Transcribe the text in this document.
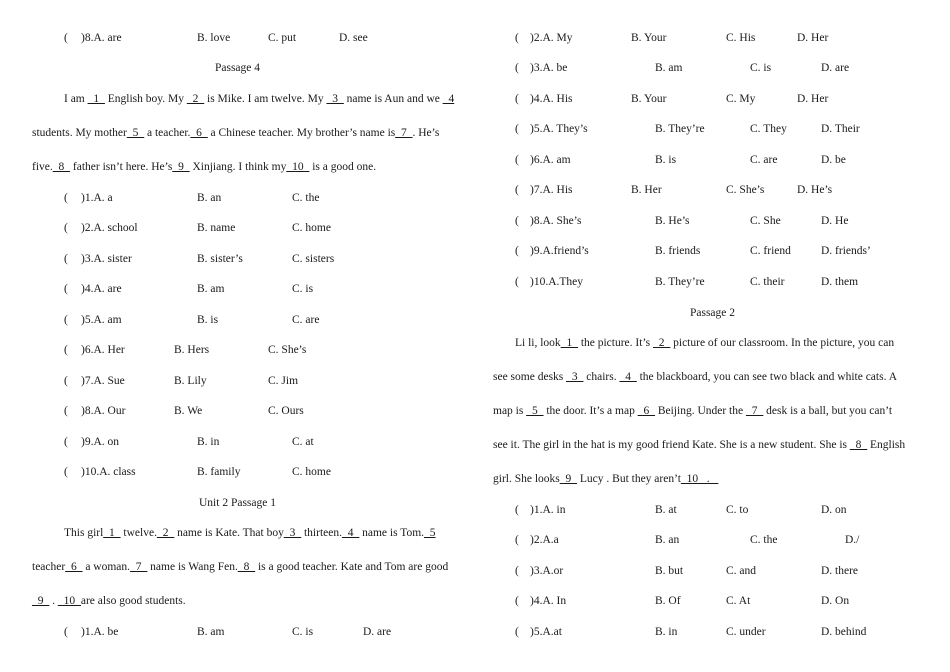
( )8.A. are	B. love	C. put	D. see
Passage 4
I am _1_ English boy. My _2_ is Mike. I am twelve. My _3_ name is Aun and we _4
students. My mother_5_ a teacher._6_ a Chinese teacher. My brother’s name is_7_. He’s
five._8_ father isn’t here. He’s_9_ Xinjiang. I think my_10_ is a good one.
( )1.A. a	B. an	C. the
( )2.A. school	B. name	C. home
( )3.A. sister	B. sister’s	C. sisters
( )4.A. are	B. am	C. is
( )5.A. am	B. is	C. are
( )6.A. Her	B. Hers	C. She’s
( )7.A. Sue	B. Lily	C. Jim
( )8.A. Our	B. We	C. Ours
( )9.A. on	B. in	C. at
( )10.A. class	B. family	C. home
Unit 2 Passage 1
This girl_1_ twelve._2_ name is Kate. That boy_3_ thirteen._4_ name is Tom._5
teacher_6_ a woman._7_ name is Wang Fen._8_ is a good teacher. Kate and Tom are good
_9_ . _10_are also good students.
( )1.A. be	B. am	C. is	D. are
( )2.A. My	B. Your	C. His	D. Her
( )3.A. be	B. am	C. is	D. are
( )4.A. His	B. Your	C. My	D. Her
( )5.A. They’s	B. They’re	C. They	D. Their
( )6.A. am	B. is	C. are	D. be
( )7.A. His	B. Her	C. She’s	D. He’s
( )8.A. She’s	B. He’s	C. She	D. He
( )9.A.friend’s	B. friends	C. friend	D. friends’
( )10.A.They	B. They’re	C. their	D. them
Passage 2
Li li, look_1_ the picture. It’s _2_ picture of our classroom. In the picture, you can
see some desks _3_ chairs. _4_ the blackboard, you can see two black and white cats. A
map is _5_ the door. It’s a map _6_ Beijing. Under the _7_ desk is a ball, but you can’t
see it. The girl in the hat is my good friend Kate. She is a new student. She is _8_ English
girl. She looks_9_ Lucy . But they aren’t_10_ . _
( )1.A. in	B. at	C. to	D. on
( )2.A.a	B. an	C. the	D./
( )3.A.or	B. but	C. and	D. there
( )4.A. In	B. Of	C. At	D. On
( )5.A.at	B. in	C. under	D. behind
